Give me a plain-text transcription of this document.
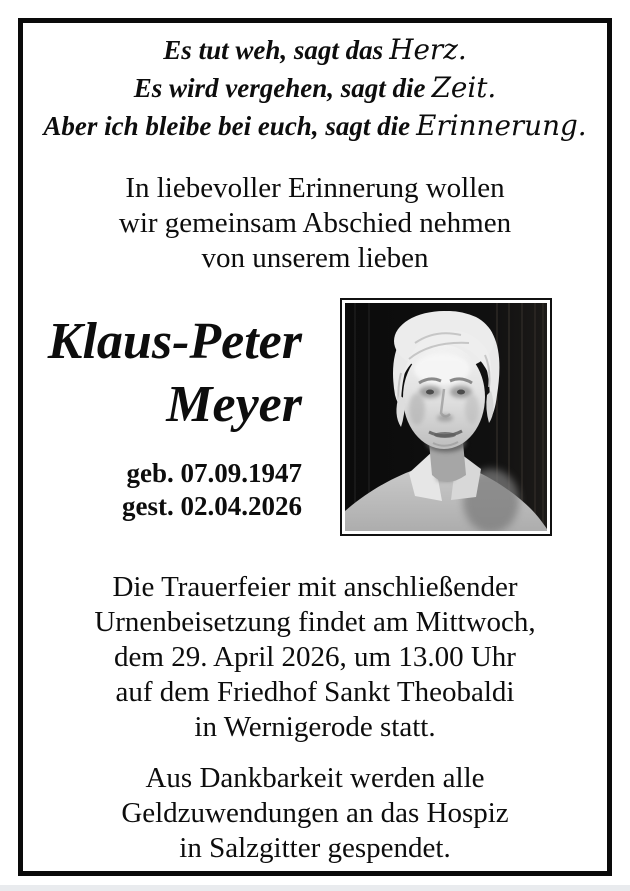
Es tut weh, sagt das Herz.
Es wird vergehen, sagt die Zeit.
Aber ich bleibe bei euch, sagt die Erinnerung.
In liebevoller Erinnerung wollen
wir gemeinsam Abschied nehmen
von unserem lieben
Klaus-Peter
Meyer
geb. 07.09.1947
gest. 02.04.2026
Die Trauerfeier mit anschließender
Urnenbeisetzung findet am Mittwoch,
dem 29. April 2026, um 13.00 Uhr
auf dem Friedhof Sankt Theobaldi
in Wernigerode statt.
Aus Dankbarkeit werden alle
Geldzuwendungen an das Hospiz
in Salzgitter gespendet.
